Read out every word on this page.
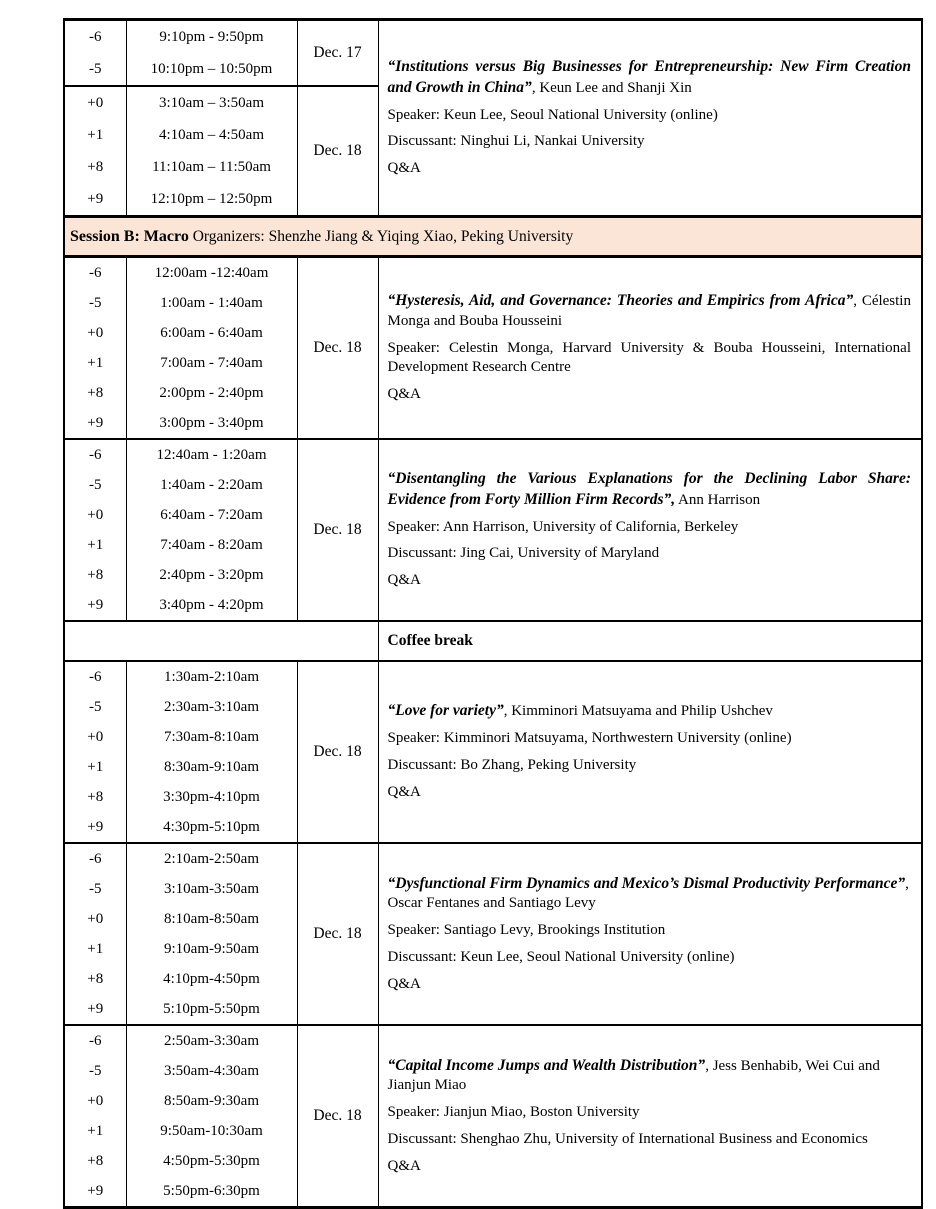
-6	9:10pm - 9:50pm	Dec. 17	“Institutions versus Big Businesses for Entrepreneurship: New Firm Creation and Growth in China”, Keun Lee and Shanji Xin

Speaker: Keun Lee, Seoul National University (online)

Discussant: Ninghui Li, Nankai University

Q&A

-5	10:10pm – 10:50pm		
+0	3:10am – 3:50am	Dec. 18	
+1	4:10am – 4:50am		
+8	11:10am – 11:50am		
+9	12:10pm – 12:50pm		
Session B: Macro Organizers: Shenzhe Jiang & Yiqing Xiao, Peking University			
-6	12:00am -12:40am	Dec. 18	“Hysteresis, Aid, and Governance: Theories and Empirics from Africa”, Célestin Monga and Bouba Housseini

Speaker: Celestin Monga, Harvard University & Bouba Housseini, International Development Research Centre

Q&A

-5	1:00am - 1:40am		
+0	6:00am - 6:40am		
+1	7:00am - 7:40am		
+8	2:00pm - 2:40pm		
+9	3:00pm - 3:40pm		
-6	12:40am - 1:20am	Dec. 18	“Disentangling the Various Explanations for the Declining Labor Share: Evidence from Forty Million Firm Records”, Ann Harrison

Speaker: Ann Harrison, University of California, Berkeley

Discussant: Jing Cai, University of Maryland

Q&A

-5	1:40am - 2:20am		
+0	6:40am - 7:20am		
+1	7:40am - 8:20am		
+8	2:40pm - 3:20pm		
+9	3:40pm - 4:20pm		
			Coffee break
-6	1:30am-2:10am	Dec. 18	“Love for variety”, Kimminori Matsuyama and Philip Ushchev

Speaker: Kimminori Matsuyama, Northwestern University (online)

Discussant: Bo Zhang, Peking University

Q&A

-5	2:30am-3:10am		
+0	7:30am-8:10am		
+1	8:30am-9:10am		
+8	3:30pm-4:10pm		
+9	4:30pm-5:10pm		
-6	2:10am-2:50am	Dec. 18	“Dysfunctional Firm Dynamics and Mexico’s Dismal Productivity Performance”, Oscar Fentanes and Santiago Levy

Speaker: Santiago Levy, Brookings Institution

Discussant: Keun Lee, Seoul National University (online)

Q&A

-5	3:10am-3:50am		
+0	8:10am-8:50am		
+1	9:10am-9:50am		
+8	4:10pm-4:50pm		
+9	5:10pm-5:50pm		
-6	2:50am-3:30am	Dec. 18	“Capital Income Jumps and Wealth Distribution”, Jess Benhabib, Wei Cui and Jianjun Miao

Speaker: Jianjun Miao, Boston University

Discussant: Shenghao Zhu, University of International Business and Economics

Q&A

-5	3:50am-4:30am		
+0	8:50am-9:30am		
+1	9:50am-10:30am		
+8	4:50pm-5:30pm		
+9	5:50pm-6:30pm		
